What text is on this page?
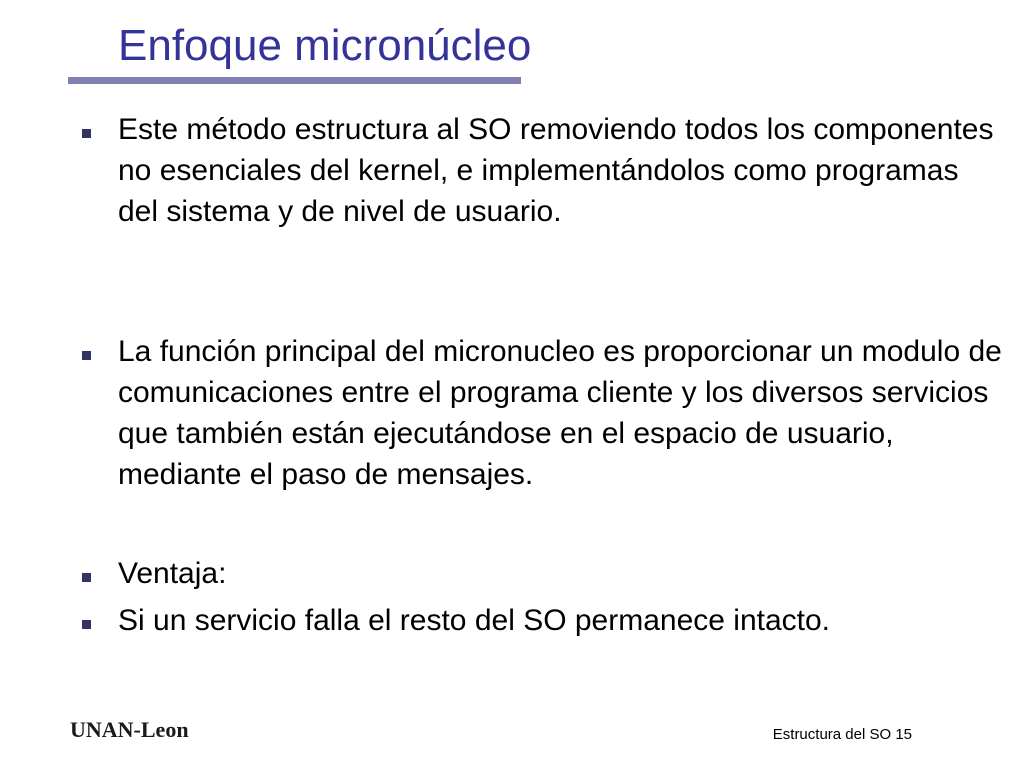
Enfoque micronúcleo
Este método estructura al SO removiendo todos los componentes no esenciales del kernel, e implementándolos como programas del sistema y de nivel de usuario.
La función principal del micronucleo es proporcionar un modulo de comunicaciones entre el programa cliente y los diversos servicios que también están ejecutándose en el espacio de usuario, mediante el paso de mensajes.
Ventaja:
Si un servicio falla el resto del SO permanece intacto.
UNAN-Leon	Estructura del SO 15
